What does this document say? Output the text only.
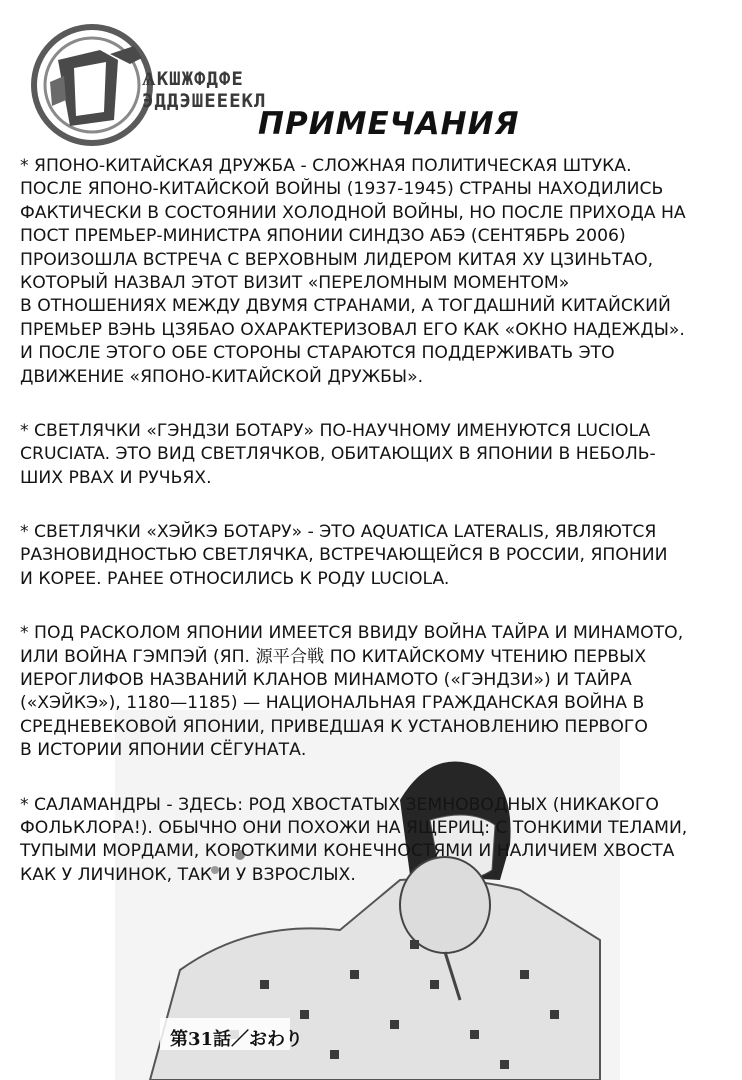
ѦКШЖФДФЕ
ЭДДЭШЕЕЕКЛ
ПРИМЕЧАНИЯ
* ЯПОНО-КИТАЙСКАЯ ДРУЖБА - СЛОЖНАЯ ПОЛИТИЧЕСКАЯ ШТУКА.
ПОСЛЕ ЯПОНО-КИТАЙСКОЙ ВОЙНЫ (1937-1945) СТРАНЫ НАХОДИЛИСЬ
ФАКТИЧЕСКИ В СОСТОЯНИИ ХОЛОДНОЙ ВОЙНЫ, НО ПОСЛЕ ПРИХОДА НА
ПОСТ ПРЕМЬЕР-МИНИСТРА ЯПОНИИ СИНДЗО АБЭ (СЕНТЯБРЬ 2006)
ПРОИЗОШЛА ВСТРЕЧА С ВЕРХОВНЫМ ЛИДЕРОМ КИТАЯ ХУ ЦЗИНЬТАО,
КОТОРЫЙ НАЗВАЛ ЭТОТ ВИЗИТ «ПЕРЕЛОМНЫМ МОМЕНТОМ»
В ОТНОШЕНИЯХ МЕЖДУ ДВУМЯ СТРАНАМИ, А ТОГДАШНИЙ КИТАЙСКИЙ
ПРЕМЬЕР ВЭНЬ ЦЗЯБАО ОХАРАКТЕРИЗОВАЛ ЕГО КАК «ОКНО НАДЕЖДЫ».
И ПОСЛЕ ЭТОГО ОБЕ СТОРОНЫ СТАРАЮТСЯ ПОДДЕРЖИВАТЬ ЭТО
ДВИЖЕНИЕ «ЯПОНО-КИТАЙСКОЙ ДРУЖБЫ».
* СВЕТЛЯЧКИ «ГЭНДЗИ БОТАРУ» ПО-НАУЧНОМУ ИМЕНУЮТСЯ LUCIOLA
CRUCIATA. ЭТО ВИД СВЕТЛЯЧКОВ, ОБИТАЮЩИХ В ЯПОНИИ В НЕБОЛЬ-
ШИХ РВАХ И РУЧЬЯХ.
* СВЕТЛЯЧКИ «ХЭЙКЭ БОТАРУ» - ЭТО AQUATICA LATERALIS, ЯВЛЯЮТСЯ
РАЗНОВИДНОСТЬЮ СВЕТЛЯЧКА, ВСТРЕЧАЮЩЕЙСЯ В РОССИИ, ЯПОНИИ
И КОРЕЕ. РАНЕЕ ОТНОСИЛИСЬ К РОДУ LUCIOLA.
* ПОД РАСКОЛОМ ЯПОНИИ ИМЕЕТСЯ ВВИДУ ВОЙНА ТАЙРА И МИНАМОТО,
ИЛИ ВОЙНА ГЭМПЭЙ (ЯП. 源平合戦 ПО КИТАЙСКОМУ ЧТЕНИЮ ПЕРВЫХ
ИЕРОГЛИФОВ НАЗВАНИЙ КЛАНОВ МИНАМОТО («ГЭНДЗИ») И ТАЙРА
(«ХЭЙКЭ»), 1180—1185) — НАЦИОНАЛЬНАЯ ГРАЖДАНСКАЯ ВОЙНА В
СРЕДНЕВЕКОВОЙ ЯПОНИИ, ПРИВЕДШАЯ К УСТАНОВЛЕНИЮ ПЕРВОГО
В ИСТОРИИ ЯПОНИИ СЁГУНАТА.
* САЛАМАНДРЫ - ЗДЕСЬ: РОД ХВОСТАТЫХ ЗЕМНОВОДНЫХ (НИКАКОГО
ФОЛЬКЛОРА!). ОБЫЧНО ОНИ ПОХОЖИ НА ЯЩЕРИЦ: С ТОНКИМИ ТЕЛАМИ,
ТУПЫМИ МОРДАМИ, КОРОТКИМИ КОНЕЧНОСТЯМИ И НАЛИЧИЕМ ХВОСТА
КАК У ЛИЧИНОК, ТАК И У ВЗРОСЛЫХ.
第31話／おわり
